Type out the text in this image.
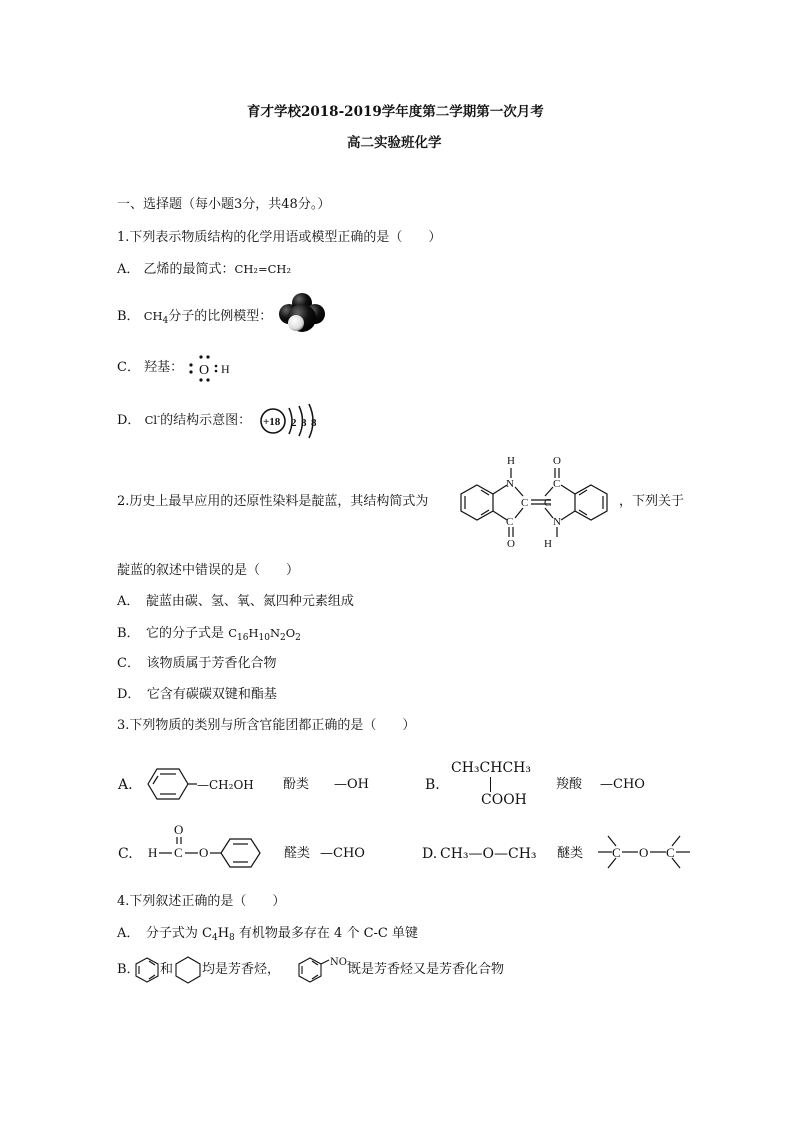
育才学校2018-2019学年度第二学期第一次月考
高二实验班化学
一、选择题（每小题3分，共48分。）
1.下列表示物质结构的化学用语或模型正确的是（　　）
A． 乙烯的最简式：CH₂=CH₂
B． $CH_4$分子的比例模型：
C． 羟基： O H
D． Cl-的结构示意图： +18 2 8 8
2.历史上最早应用的还原性染料是靛蓝，其结构简式为
N
H
C
O
C C
O
C
N
H
，下列关于
靛蓝的叙述中错误的是（　　）
A．　靛蓝由碳、氢、氧、氮四种元素组成
B．　它的分子式是 $C_{16}H_{10}N_2O_2$
C．　该物质属于芳香化合物
D．　它含有碳碳双键和酯基
3.下列物质的类别与所含官能团都正确的是（　　）
A.	—CH₂OH 酚类 —OH	B.
CH₃CHCH₃
COOH
羧酸 —CHO
C. H C
O
O	醛类 —CHO	D. CH₃—O—CH₃ 醚类 C O C
4.下列叙述正确的是（　　）
A．　分子式为 $C_4H_8$ 有机物最多存在 4 个 C-C 单键
B． 和 均是芳香烃，	NO₂
既是芳香烃又是芳香化合物
